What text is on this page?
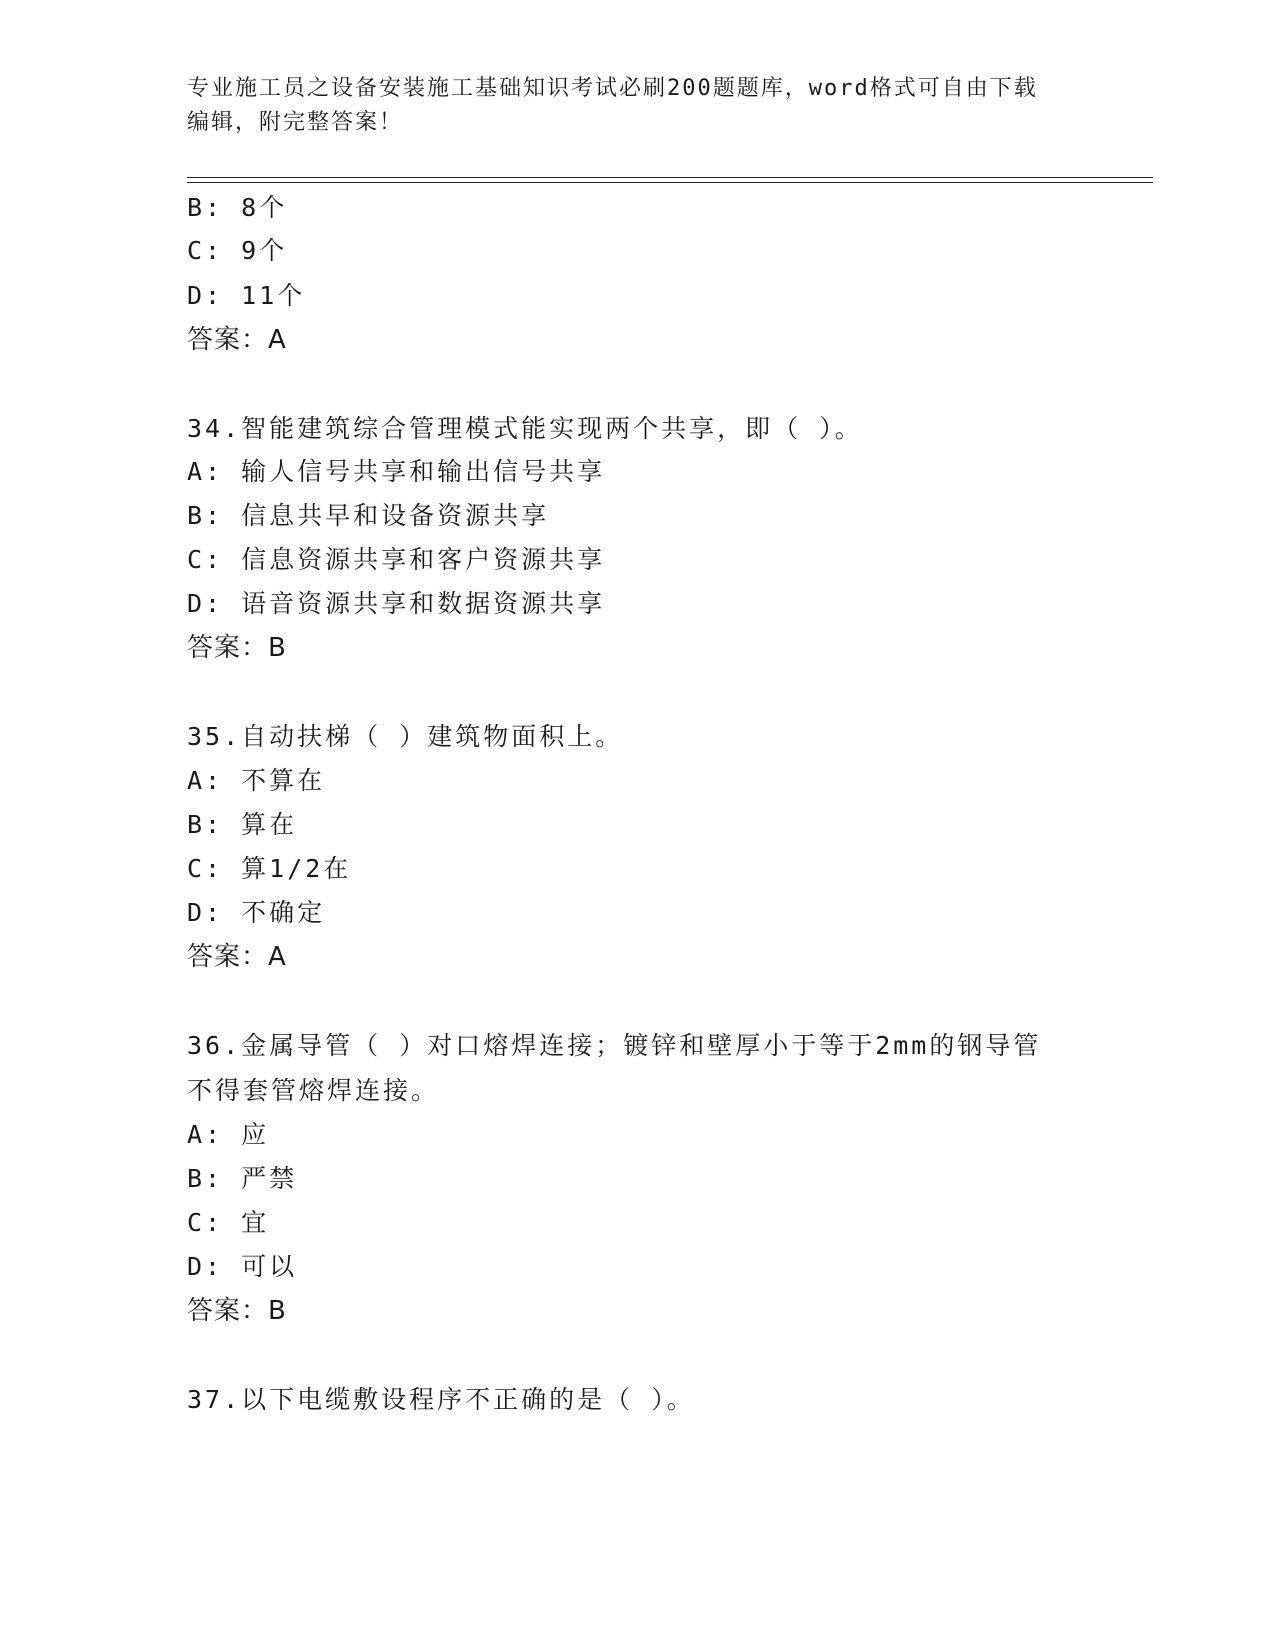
专业施工员之设备安装施工基础知识考试必刷200题题库，word格式可自由下载
编辑，附完整答案！
B: 8个
C: 9个
D: 11个
答案：A
34.智能建筑综合管理模式能实现两个共享，即（ ）。
A: 输人信号共享和输出信号共享
B: 信息共早和设备资源共享
C: 信息资源共享和客户资源共享
D: 语音资源共享和数据资源共享
答案：B
35.自动扶梯（ ）建筑物面积上。
A: 不算在
B: 算在
C: 算1/2在
D: 不确定
答案：A
36.金属导管（ ）对口熔焊连接；镀锌和壁厚小于等于2mm的钢导管
不得套管熔焊连接。
A: 应
B: 严禁
C: 宜
D: 可以
答案：B
37.以下电缆敷设程序不正确的是（ ）。
